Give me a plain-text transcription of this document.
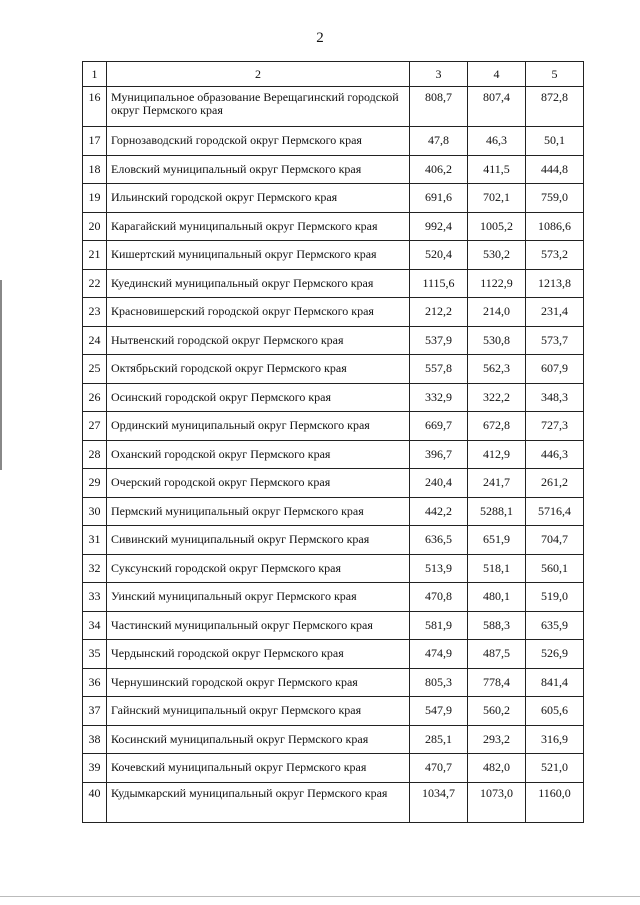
2
1	2	3	4	5
16	Муниципальное образование Верещагинский городской округ Пермского края	808,7	807,4	872,8
17	Горнозаводский городской округ Пермского края	47,8	46,3	50,1
18	Еловский муниципальный округ Пермского края	406,2	411,5	444,8
19	Ильинский городской округ Пермского края	691,6	702,1	759,0
20	Карагайский муниципальный округ Пермского края	992,4	1005,2	1086,6
21	Кишертский муниципальный округ Пермского края	520,4	530,2	573,2
22	Куединский муниципальный округ Пермского края	1115,6	1122,9	1213,8
23	Красновишерский городской округ Пермского края	212,2	214,0	231,4
24	Нытвенский городской округ Пермского края	537,9	530,8	573,7
25	Октябрьский городской округ Пермского края	557,8	562,3	607,9
26	Осинский городской округ Пермского края	332,9	322,2	348,3
27	Ординский муниципальный округ Пермского края	669,7	672,8	727,3
28	Оханский городской округ Пермского края	396,7	412,9	446,3
29	Очерский городской округ Пермского края	240,4	241,7	261,2
30	Пермский муниципальный округ Пермского края	442,2	5288,1	5716,4
31	Сивинский муниципальный округ Пермского края	636,5	651,9	704,7
32	Суксунский городской округ Пермского края	513,9	518,1	560,1
33	Уинский муниципальный округ Пермского края	470,8	480,1	519,0
34	Частинский муниципальный округ Пермского края	581,9	588,3	635,9
35	Чердынский городской округ Пермского края	474,9	487,5	526,9
36	Чернушинский городской округ Пермского края	805,3	778,4	841,4
37	Гайнский муниципальный округ Пермского края	547,9	560,2	605,6
38	Косинский муниципальный округ Пермского края	285,1	293,2	316,9
39	Кочевский муниципальный округ Пермского края	470,7	482,0	521,0
40	Кудымкарский муниципальный округ Пермского края	1034,7	1073,0	1160,0
